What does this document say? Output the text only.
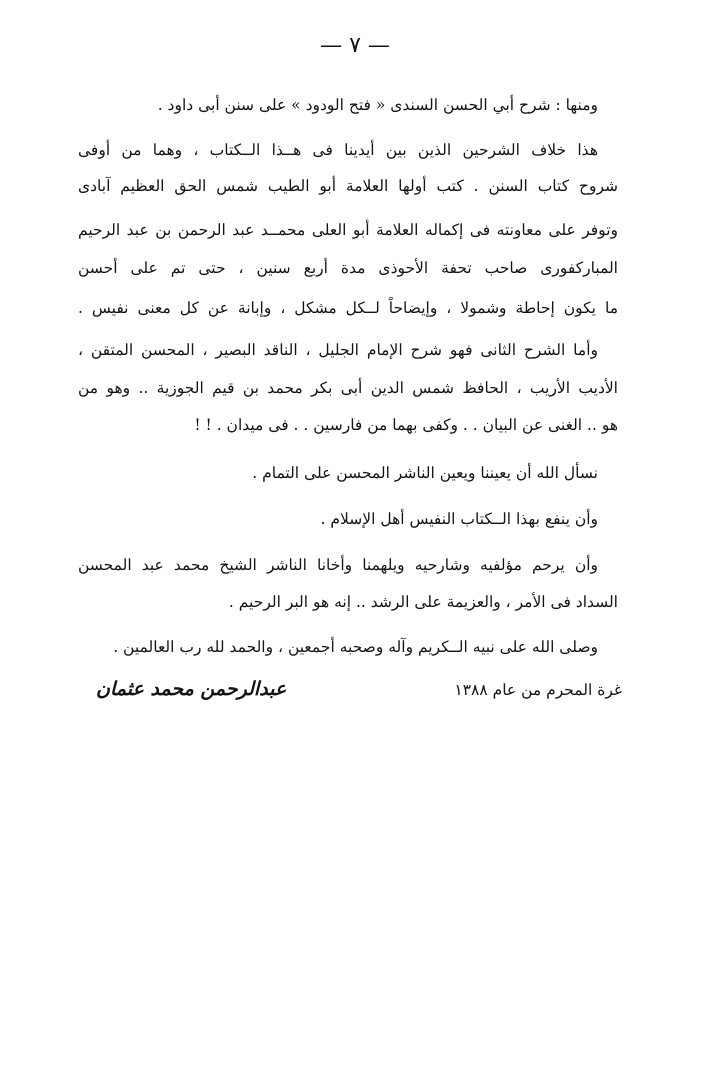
— ٧ —
ومنها : شرح أبي الحسن السندى « فتح الودود » على سنن أبى داود .
هذا خلاف الشرحين الذين بين أيدينا فى هــذا الــكتاب ، وهما من أوفى
شروح كتاب السنن . كتب أولها العلامة أبو الطيب شمس الحق العظيم آبادى
وتوفر على معاونته فى إكماله العلامة أبو العلى محمــد عبد الرحمن بن عبد الرحيم
المباركفورى صاحب تحفة الأحوذى مدة أربع سنين ، حتى تم على أحسن
ما يكون إحاطة وشمولا ، وإيضاحاً لــكل مشكل ، وإبانة عن كل معنى نفيس .
وأما الشرح الثانى فهو شرح الإمام الجليل ، الناقد البصير ، المحسن المتقن ،
الأديب الأريب ، الحافظ شمس الدين أبى بكر محمد بن قيم الجوزية .. وهو من
هو .. الغنى عن البيان . . وكفى بهما من فارسين . . فى ميدان . ! !
نسأل الله أن يعيننا ويعين الناشر المحسن على التمام .
وأن ينفع بهذا الــكتاب النفيس أهل الإسلام .
وأن يرحم مؤلفيه وشارحيه ويلهمنا وأخانا الناشر الشيخ محمد عبد المحسن
السداد فى الأمر ، والعزيمة على الرشد .. إنه هو البر الرحيم .
وصلى الله على نبيه الــكريم وآله وصحبه أجمعين ، والحمد لله رب العالمين .
غرة المحرم من عام ١٣٨٨
عبدالرحمن محمد عثمان
